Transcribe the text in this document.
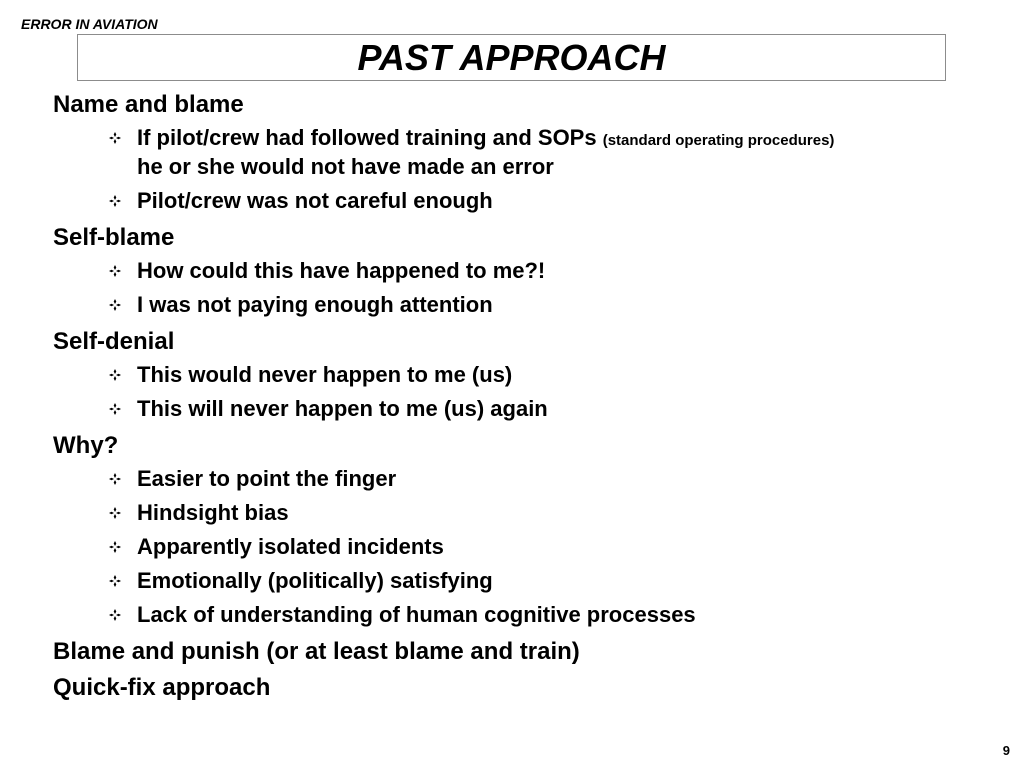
ERROR IN AVIATION
PAST APPROACH
Name and blame
If pilot/crew had followed training and SOPs (standard operating procedures)
he or she would not have made an error
Pilot/crew was not careful enough
Self-blame
How could this have happened to me?!
I was not paying enough attention
Self-denial
This would never happen to me (us)
This will never happen to me (us) again
Why?
Easier to point the finger
Hindsight bias
Apparently isolated incidents
Emotionally (politically) satisfying
Lack of understanding of human cognitive processes
Blame and punish (or at least blame and train)
Quick-fix approach
9
